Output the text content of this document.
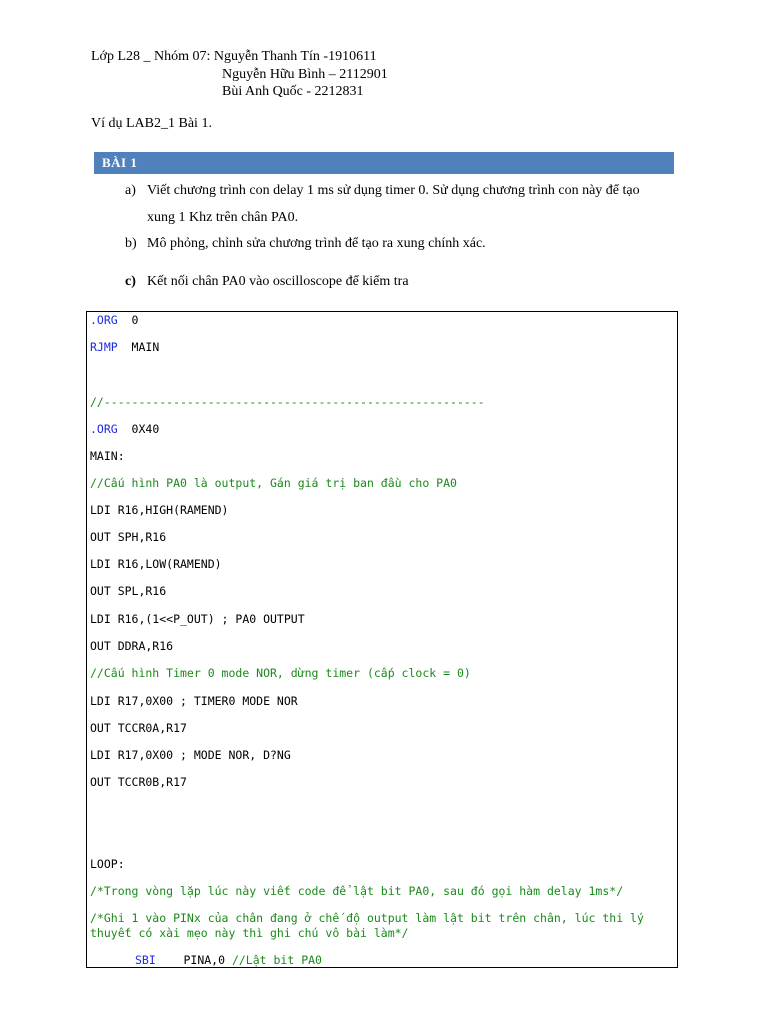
Lớp L28 _ Nhóm 07: Nguyễn Thanh Tín -1910611
Nguyễn Hữu Bình – 2112901
Bùi Anh Quốc - 2212831
Ví dụ LAB2_1 Bài 1.
BÀI 1
a) Viết chương trình con delay 1 ms sử dụng timer 0. Sử dụng chương trình con này để tạo
xung 1 Khz trên chân PA0.
b) Mô phỏng, chỉnh sửa chương trình để tạo ra xung chính xác.
c) Kết nối chân PA0 vào oscilloscope để kiểm tra
.ORG  0
RJMP  MAIN
//-------------------------------------------------------
.ORG  0X40
MAIN:
//Cấu hình PA0 là output, Gán giá trị ban đầu cho PA0
LDI R16,HIGH(RAMEND)
OUT SPH,R16
LDI R16,LOW(RAMEND)
OUT SPL,R16
LDI R16,(1<<P_OUT) ; PA0 OUTPUT
OUT DDRA,R16
//Cấu hình Timer 0 mode NOR, dừng timer (cấp clock = 0)
LDI R17,0X00 ; TIMER0 MODE NOR
OUT TCCR0A,R17
LDI R17,0X00 ; MODE NOR, D?NG
OUT TCCR0B,R17
LOOP:
/*Trong vòng lặp lúc này viết code để lật bit PA0, sau đó gọi hàm delay 1ms*/
/*Ghi 1 vào PINx của chân đang ở chế độ output làm lật bit trên chân, lúc thi lý
thuyết có xài mẹo này thì ghi chú vô bài làm*/
SBI    PINA,0 //Lật bit PA0
